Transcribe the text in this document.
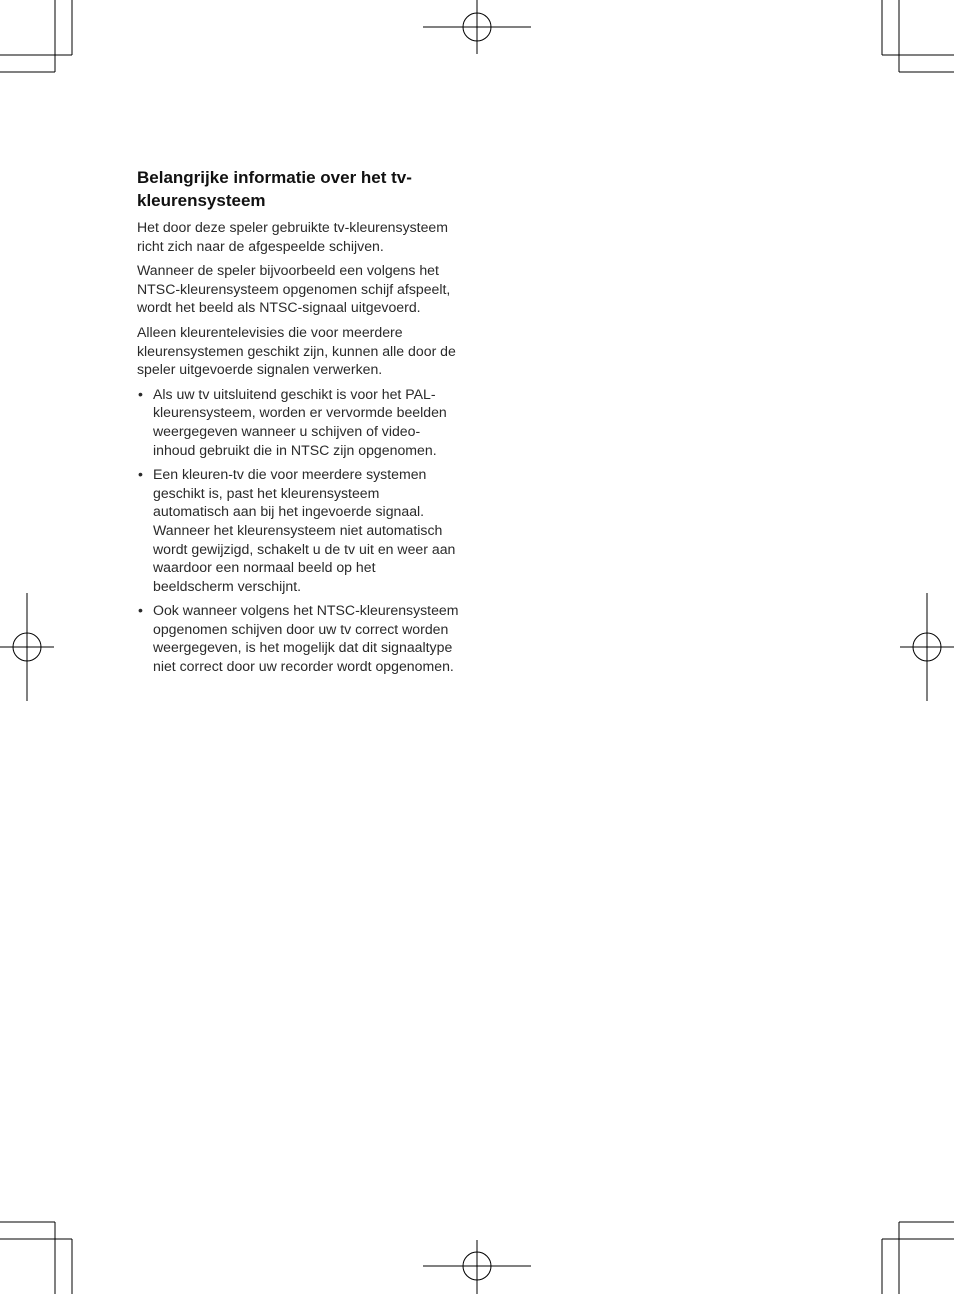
Belangrijke informatie over het tv-kleurensysteem

Het door deze speler gebruikte tv-kleurensysteem richt zich naar de afgespeelde schijven.

Wanneer de speler bijvoorbeeld een volgens het NTSC-kleurensysteem opgenomen schijf afspeelt, wordt het beeld als NTSC-signaal uitgevoerd.

Alleen kleurentelevisies die voor meerdere kleurensystemen geschikt zijn, kunnen alle door de speler uitgevoerde signalen verwerken.

• Als uw tv uitsluitend geschikt is voor het PAL-kleurensysteem, worden er vervormde beelden weergegeven wanneer u schijven of video-inhoud gebruikt die in NTSC zijn opgenomen.
• Een kleuren-tv die voor meerdere systemen geschikt is, past het kleurensysteem automatisch aan bij het ingevoerde signaal. Wanneer het kleurensysteem niet automatisch wordt gewijzigd, schakelt u de tv uit en weer aan waardoor een normaal beeld op het beeldscherm verschijnt.
• Ook wanneer volgens het NTSC-kleurensysteem opgenomen schijven door uw tv correct worden weergegeven, is het mogelijk dat dit signaaltype niet correct door uw recorder wordt opgenomen.
